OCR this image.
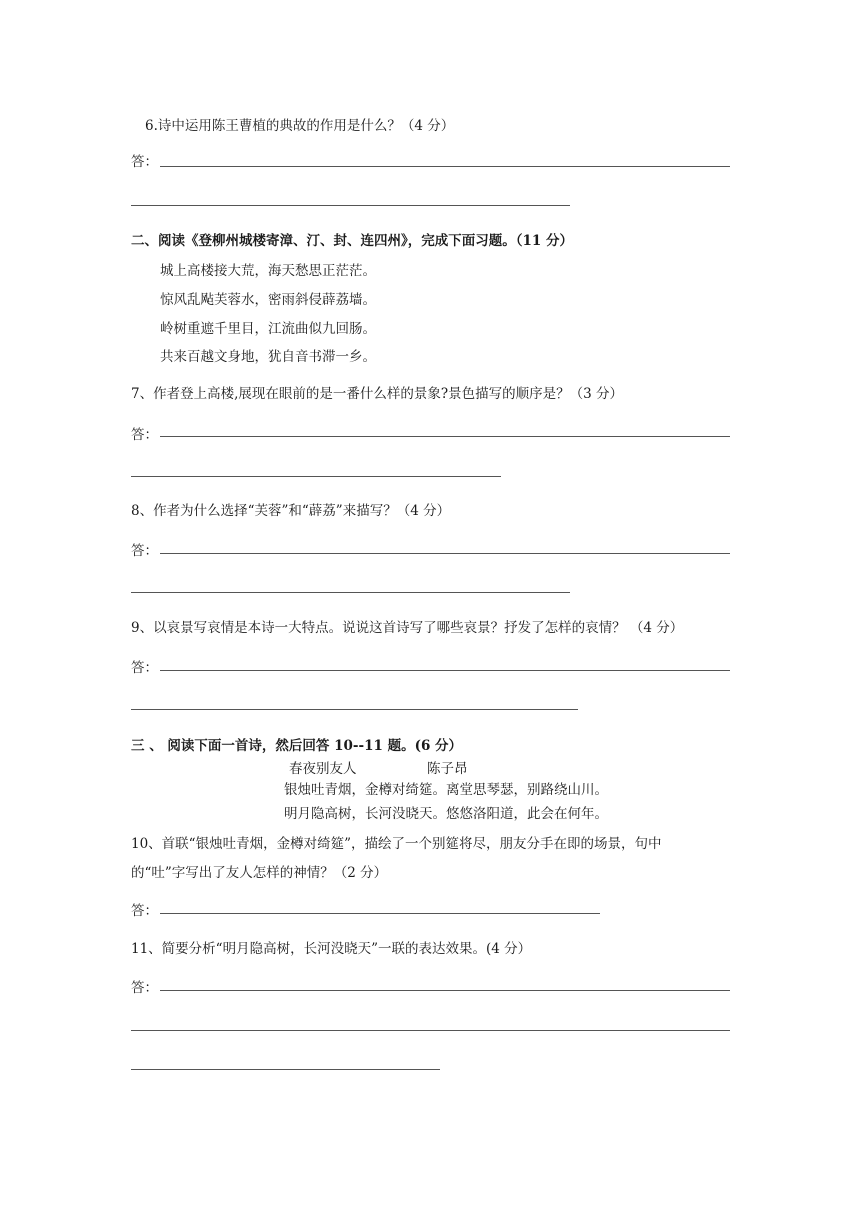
6.诗中运用陈王曹植的典故的作用是什么？（4 分）
答：
二、阅读《登柳州城楼寄漳、汀、封、连四州》，完成下面习题。（11 分）
城上高楼接大荒，海天愁思正茫茫。
惊风乱飐芙蓉水，密雨斜侵薜荔墙。
岭树重遮千里目，江流曲似九回肠。
共来百越文身地，犹自音书滞一乡。
7、作者登上高楼,展现在眼前的是一番什么样的景象?景色描写的顺序是？（3 分）
答：
8、作者为什么选择“芙蓉”和“薜荔”来描写？（4 分）
答：
9、以哀景写哀情是本诗一大特点。说说这首诗写了哪些哀景？抒发了怎样的哀情？ （4 分）
答：
三 、 阅读下面一首诗，然后回答 10--11 题。(6 分）
春夜别友人	陈子昂
银烛吐青烟，金樽对绮筵。离堂思琴瑟，别路绕山川。
明月隐高树，长河没晓天。悠悠洛阳道，此会在何年。
10、首联“银烛吐青烟，金樽对绮筵”，描绘了一个别筵将尽，朋友分手在即的场景，句中
的“吐”字写出了友人怎样的神情？（2 分）
答：
11、简要分析“明月隐高树，长河没晓天”一联的表达效果。(4 分）
答：
